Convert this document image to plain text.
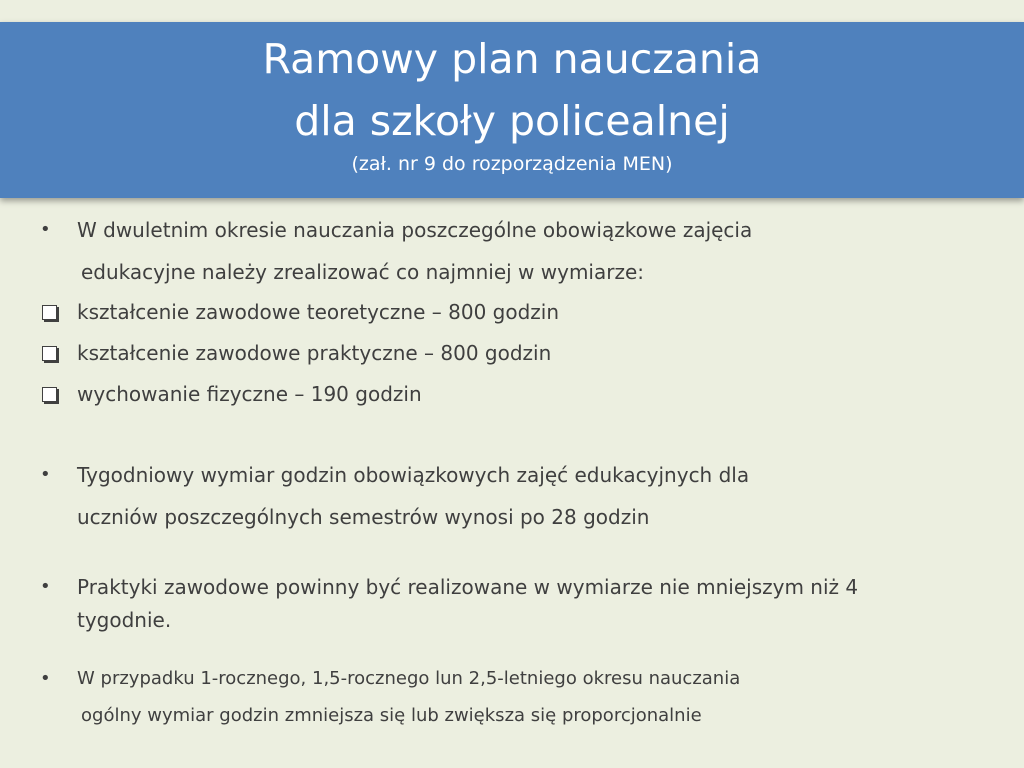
Ramowy plan nauczania
dla szkoły policealnej
(zał. nr 9 do rozporządzenia MEN)
• W dwuletnim okresie nauczania poszczególne obowiązkowe zajęcia
edukacyjne należy zrealizować co najmniej w wymiarze:
kształcenie zawodowe teoretyczne – 800 godzin
kształcenie zawodowe praktyczne – 800 godzin
wychowanie fizyczne – 190 godzin
• Tygodniowy wymiar godzin obowiązkowych zajęć edukacyjnych dla
uczniów poszczególnych semestrów wynosi po 28 godzin
• Praktyki zawodowe powinny być realizowane w wymiarze nie mniejszym niż 4
tygodnie.
• W przypadku 1-rocznego, 1,5-rocznego lun 2,5-letniego okresu nauczania
ogólny wymiar godzin zmniejsza się lub zwiększa się proporcjonalnie
